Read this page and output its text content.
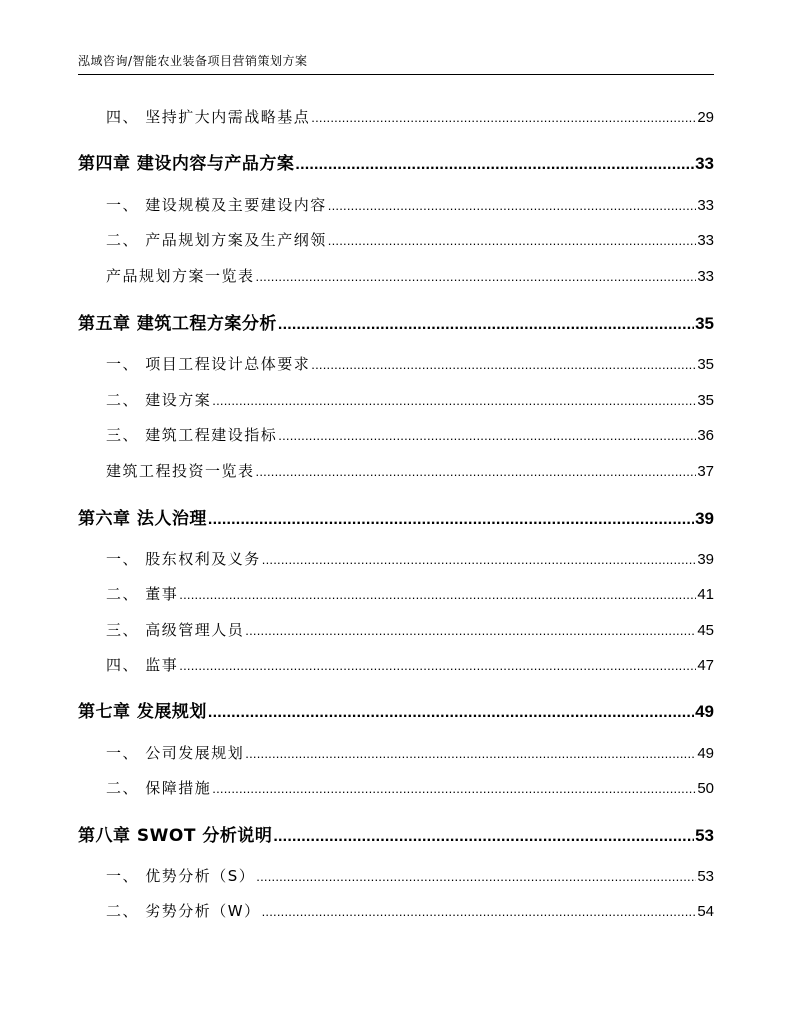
泓域咨询/智能农业装备项目营销策划方案
四、 坚持扩大内需战略基点 .....	29
第四章 建设内容与产品方案 .....	33
一、 建设规模及主要建设内容 .....	33
二、 产品规划方案及生产纲领 .....	33
产品规划方案一览表 .....	33
第五章 建筑工程方案分析 .....	35
一、 项目工程设计总体要求 .....	35
二、 建设方案 .....	35
三、 建筑工程建设指标 .....	36
建筑工程投资一览表 .....	37
第六章 法人治理 .....	39
一、 股东权利及义务 .....	39
二、 董事 .....	41
三、 高级管理人员 .....	45
四、 监事 .....	47
第七章 发展规划 .....	49
一、 公司发展规划 .....	49
二、 保障措施 .....	50
第八章 SWOT 分析说明 .....	53
一、 优势分析（S） .....	53
二、 劣势分析（W） .....	54
